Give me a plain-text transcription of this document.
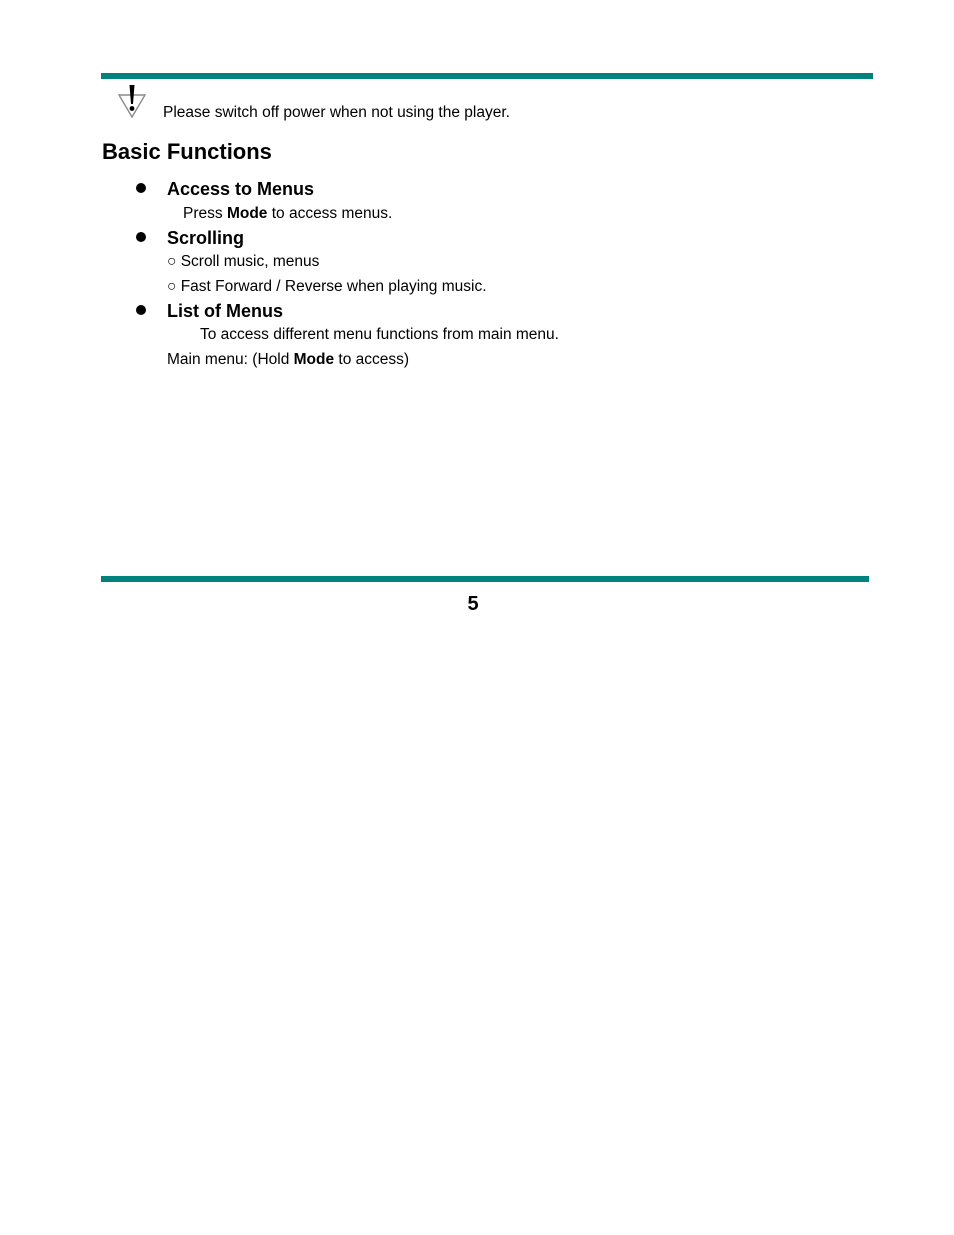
Please switch off power when not using the player.
Basic Functions
Access to Menus
Press Mode to access menus.
Scrolling
○ Scroll music, menus
○ Fast Forward / Reverse when playing music.
List of Menus
To access different menu functions from main menu.
Main menu: (Hold Mode to access)
5
